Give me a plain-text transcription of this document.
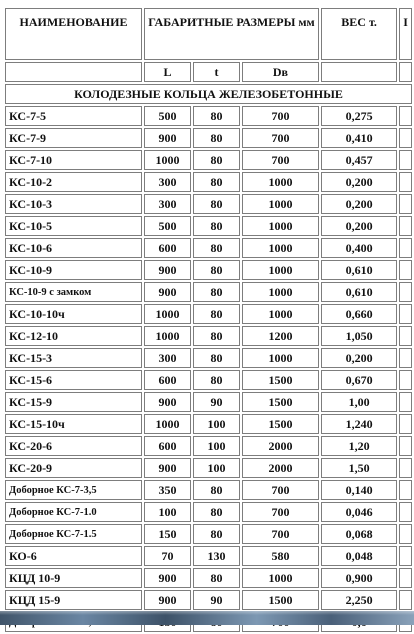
НАИМЕНОВАНИЕ	ГАБАРИТНЫЕ РАЗМЕРЫ мм			ВЕС т.	I
	L	t	Dв		
КОЛОДЕЗНЫЕ КОЛЬЦА ЖЕЛЕЗОБЕТОННЫЕ					
КС-7-5	500	80	700	0,275	
КС-7-9	900	80	700	0,410	
КС-7-10	1000	80	700	0,457	
КС-10-2	300	80	1000	0,200	
КС-10-3	300	80	1000	0,200	
КС-10-5	500	80	1000	0,200	
КС-10-6	600	80	1000	0,400	
КС-10-9	900	80	1000	0,610	
КС-10-9 с замком	900	80	1000	0,610	
КС-10-10ч	1000	80	1000	0,660	
КС-12-10	1000	80	1200	1,050	
КС-15-3	300	80	1000	0,200	
КС-15-6	600	80	1500	0,670	
КС-15-9	900	90	1500	1,00	
КС-15-10ч	1000	100	1500	1,240	
КС-20-6	600	100	2000	1,20	
КС-20-9	900	100	2000	1,50	
Доборное КС-7-3,5	350	80	700	0,140	
Доборное КС-7-1.0	100	80	700	0,046	
Доборное КС-7-1.5	150	80	700	0,068	
КО-6	70	130	580	0,048	
КЦД 10-9	900	80	1000	0,900	
КЦД 15-9	900	90	1500	2,250	
